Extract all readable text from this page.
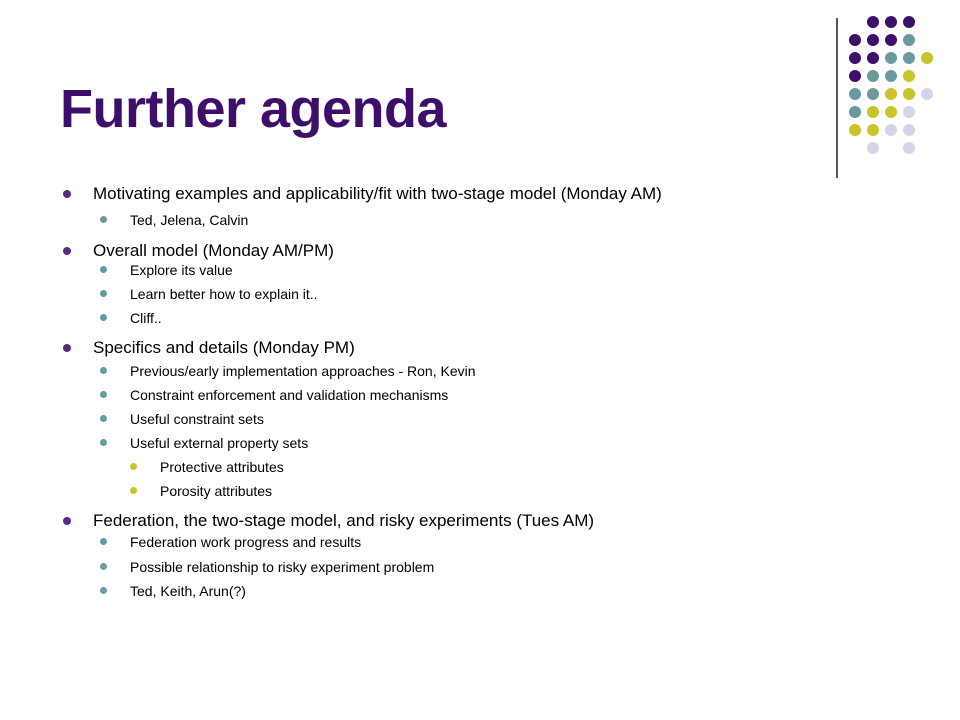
Further agenda
Motivating examples and applicability/fit with two-stage model (Monday AM)
Ted, Jelena, Calvin
Overall model (Monday AM/PM)
Explore its value
Learn better how to explain it..
Cliff..
Specifics and details (Monday PM)
Previous/early implementation approaches - Ron, Kevin
Constraint enforcement and validation mechanisms
Useful constraint sets
Useful external property sets
Protective attributes
Porosity attributes
Federation, the two-stage model, and risky experiments (Tues AM)
Federation work progress and results
Possible relationship to risky experiment problem
Ted, Keith, Arun(?)
